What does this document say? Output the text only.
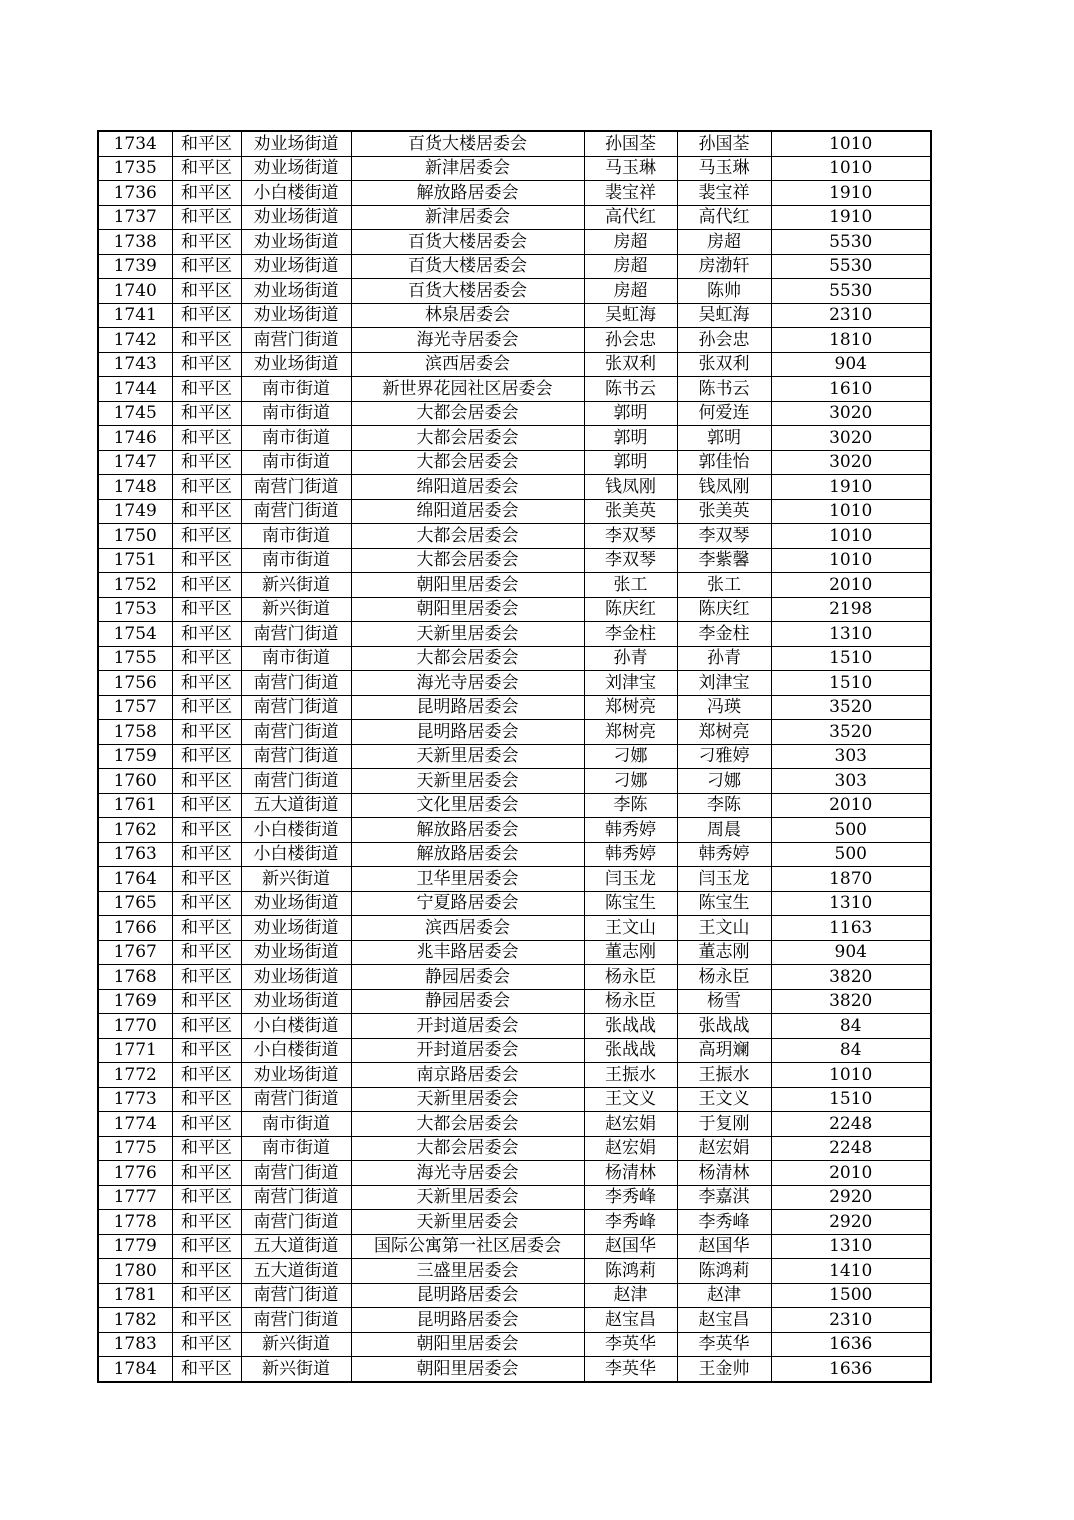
1734	和平区	劝业场街道	百货大楼居委会	孙国荃	孙国荃	1010
1735	和平区	劝业场街道	新津居委会	马玉琳	马玉琳	1010
1736	和平区	小白楼街道	解放路居委会	裴宝祥	裴宝祥	1910
1737	和平区	劝业场街道	新津居委会	高代红	高代红	1910
1738	和平区	劝业场街道	百货大楼居委会	房超	房超	5530
1739	和平区	劝业场街道	百货大楼居委会	房超	房渤轩	5530
1740	和平区	劝业场街道	百货大楼居委会	房超	陈帅	5530
1741	和平区	劝业场街道	林泉居委会	吴虹海	吴虹海	2310
1742	和平区	南营门街道	海光寺居委会	孙会忠	孙会忠	1810
1743	和平区	劝业场街道	滨西居委会	张双利	张双利	904
1744	和平区	南市街道	新世界花园社区居委会	陈书云	陈书云	1610
1745	和平区	南市街道	大都会居委会	郭明	何爱连	3020
1746	和平区	南市街道	大都会居委会	郭明	郭明	3020
1747	和平区	南市街道	大都会居委会	郭明	郭佳怡	3020
1748	和平区	南营门街道	绵阳道居委会	钱凤刚	钱凤刚	1910
1749	和平区	南营门街道	绵阳道居委会	张美英	张美英	1010
1750	和平区	南市街道	大都会居委会	李双琴	李双琴	1010
1751	和平区	南市街道	大都会居委会	李双琴	李紫馨	1010
1752	和平区	新兴街道	朝阳里居委会	张工	张工	2010
1753	和平区	新兴街道	朝阳里居委会	陈庆红	陈庆红	2198
1754	和平区	南营门街道	天新里居委会	李金柱	李金柱	1310
1755	和平区	南市街道	大都会居委会	孙青	孙青	1510
1756	和平区	南营门街道	海光寺居委会	刘津宝	刘津宝	1510
1757	和平区	南营门街道	昆明路居委会	郑树亮	冯瑛	3520
1758	和平区	南营门街道	昆明路居委会	郑树亮	郑树亮	3520
1759	和平区	南营门街道	天新里居委会	刁娜	刁雅婷	303
1760	和平区	南营门街道	天新里居委会	刁娜	刁娜	303
1761	和平区	五大道街道	文化里居委会	李陈	李陈	2010
1762	和平区	小白楼街道	解放路居委会	韩秀婷	周晨	500
1763	和平区	小白楼街道	解放路居委会	韩秀婷	韩秀婷	500
1764	和平区	新兴街道	卫华里居委会	闫玉龙	闫玉龙	1870
1765	和平区	劝业场街道	宁夏路居委会	陈宝生	陈宝生	1310
1766	和平区	劝业场街道	滨西居委会	王文山	王文山	1163
1767	和平区	劝业场街道	兆丰路居委会	董志刚	董志刚	904
1768	和平区	劝业场街道	静园居委会	杨永臣	杨永臣	3820
1769	和平区	劝业场街道	静园居委会	杨永臣	杨雪	3820
1770	和平区	小白楼街道	开封道居委会	张战战	张战战	84
1771	和平区	小白楼街道	开封道居委会	张战战	高玥斓	84
1772	和平区	劝业场街道	南京路居委会	王振水	王振水	1010
1773	和平区	南营门街道	天新里居委会	王文义	王文义	1510
1774	和平区	南市街道	大都会居委会	赵宏娟	于复刚	2248
1775	和平区	南市街道	大都会居委会	赵宏娟	赵宏娟	2248
1776	和平区	南营门街道	海光寺居委会	杨清林	杨清林	2010
1777	和平区	南营门街道	天新里居委会	李秀峰	李嘉淇	2920
1778	和平区	南营门街道	天新里居委会	李秀峰	李秀峰	2920
1779	和平区	五大道街道	国际公寓第一社区居委会	赵国华	赵国华	1310
1780	和平区	五大道街道	三盛里居委会	陈鸿莉	陈鸿莉	1410
1781	和平区	南营门街道	昆明路居委会	赵津	赵津	1500
1782	和平区	南营门街道	昆明路居委会	赵宝昌	赵宝昌	2310
1783	和平区	新兴街道	朝阳里居委会	李英华	李英华	1636
1784	和平区	新兴街道	朝阳里居委会	李英华	王金帅	1636
